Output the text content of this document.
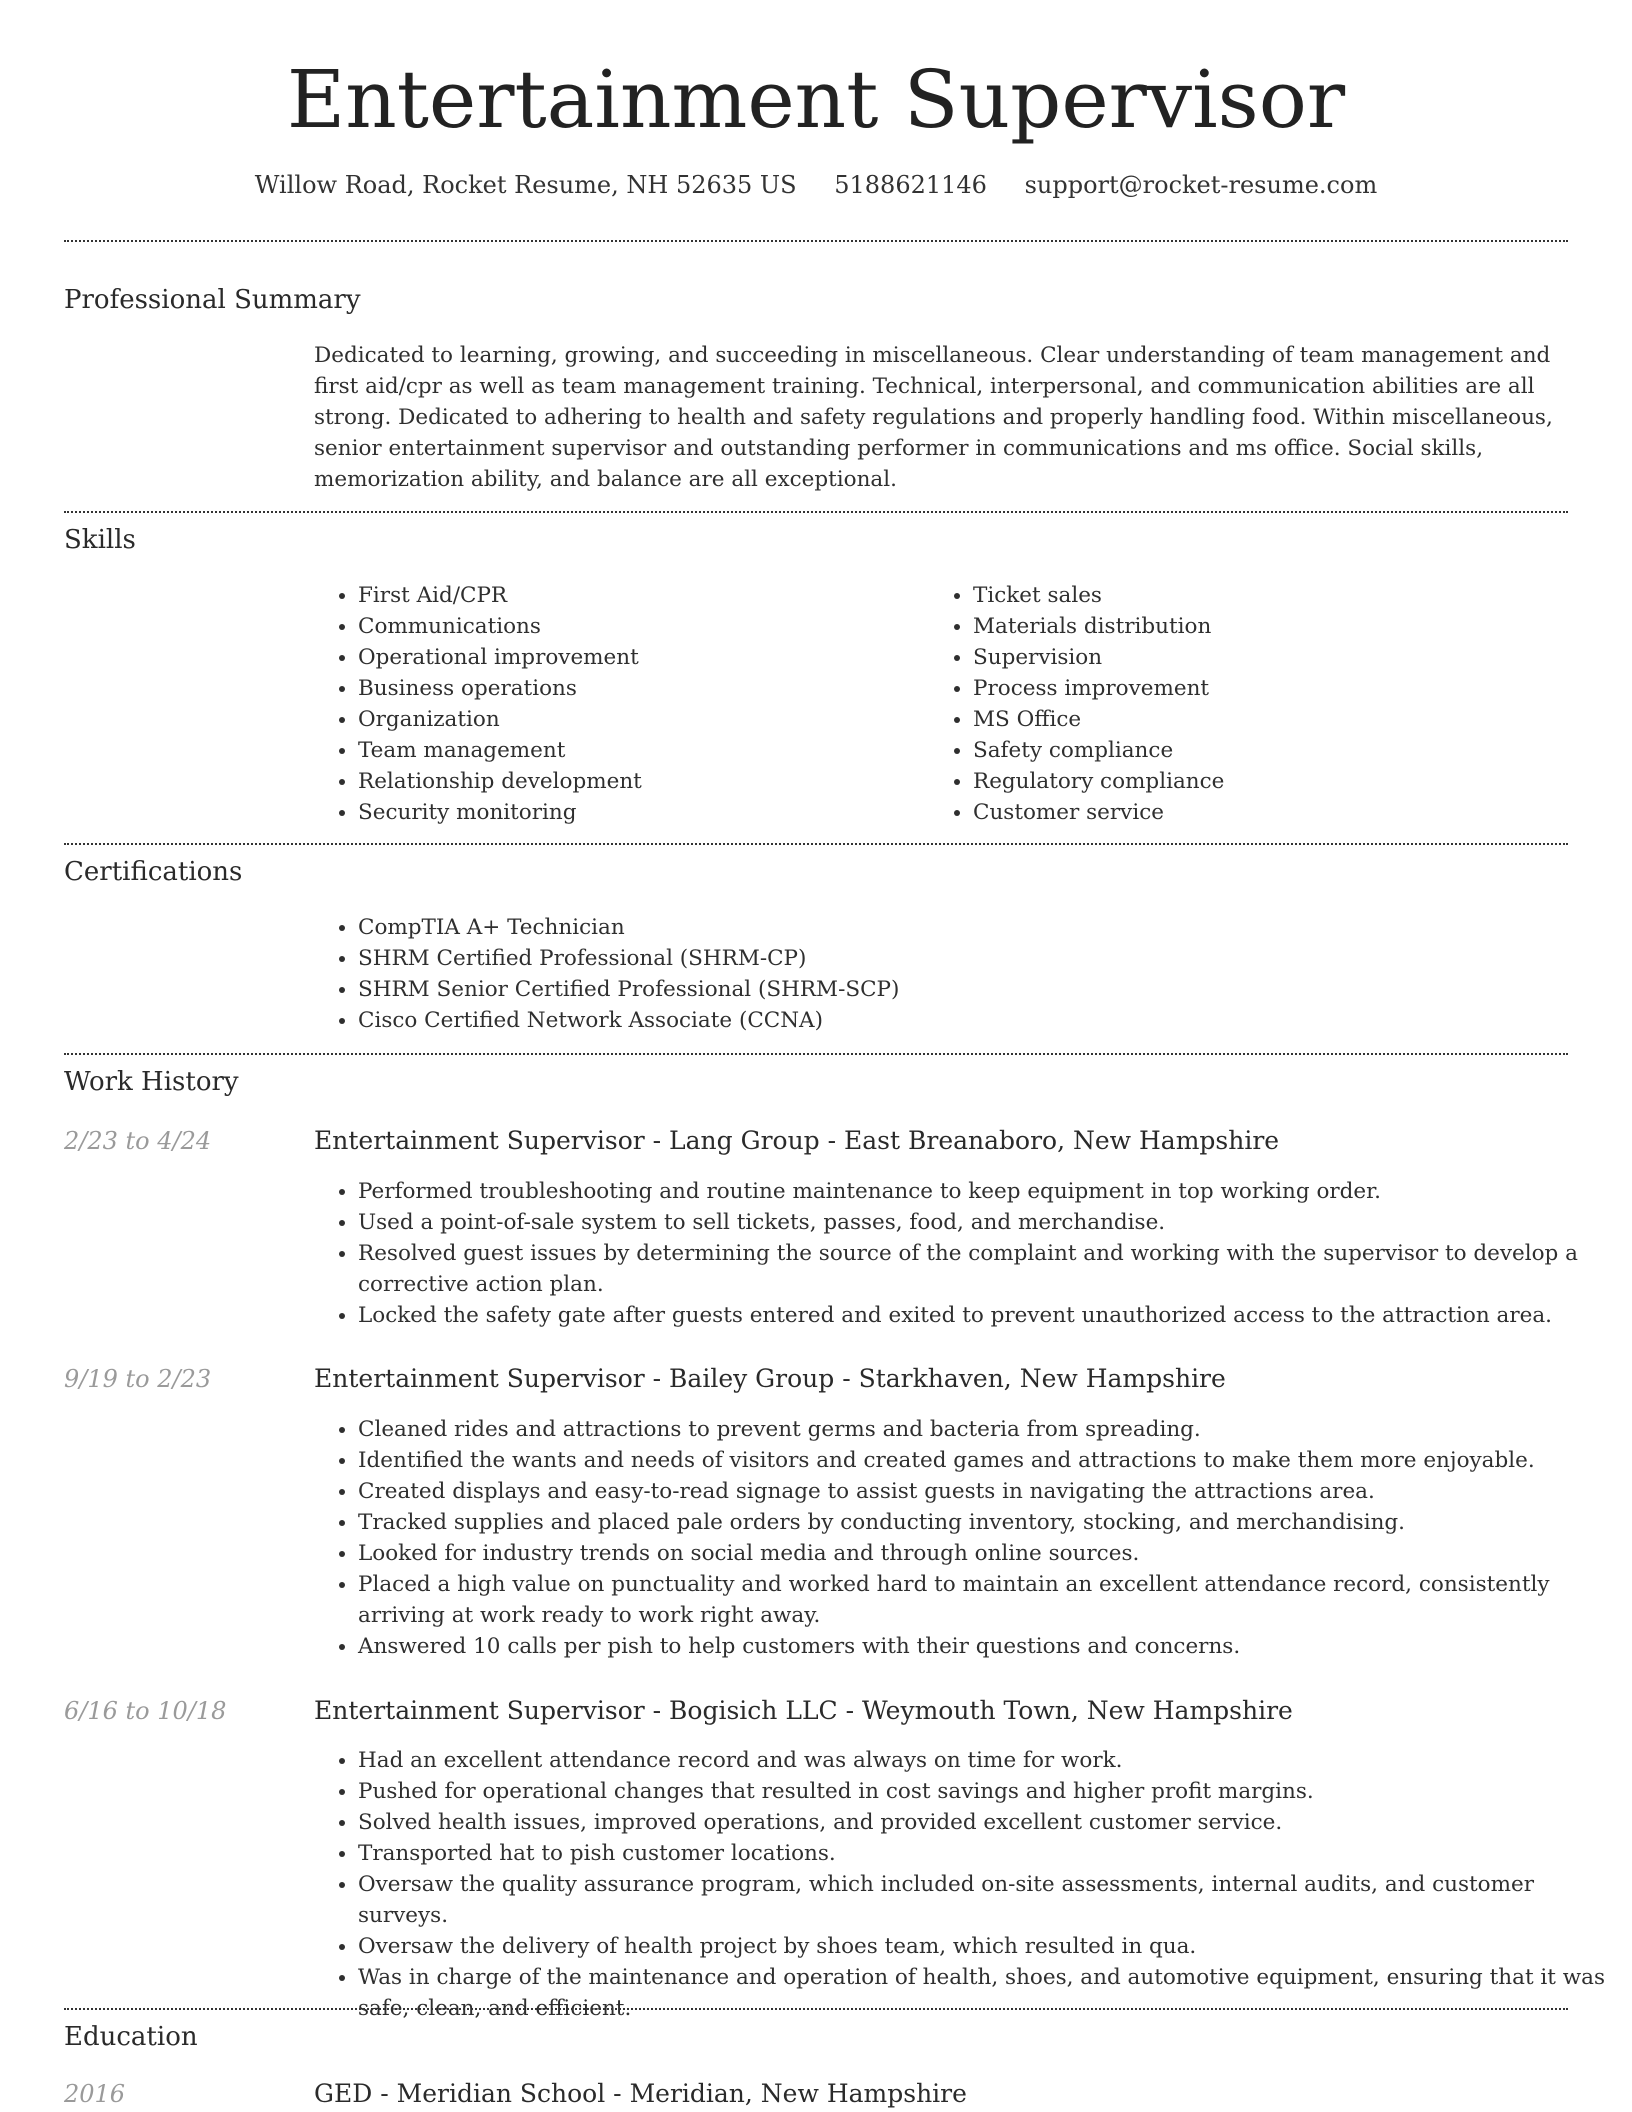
Entertainment Supervisor
Willow Road, Rocket Resume, NH 52635 US 5188621146 support@rocket-resume.com
Professional Summary

Dedicated to learning, growing, and succeeding in miscellaneous. Clear understanding of team management and first aid/cpr as well as team management training. Technical, interpersonal, and communication abilities are all strong. Dedicated to adhering to health and safety regulations and properly handling food. Within miscellaneous, senior entertainment supervisor and outstanding performer in communications and ms office. Social skills, memorization ability, and balance are all exceptional.

Skills
• First Aid/CPR
• Communications
• Operational improvement
• Business operations
• Organization
• Team management
• Relationship development
• Security monitoring
• Ticket sales
• Materials distribution
• Supervision
• Process improvement
• MS Office
• Safety compliance
• Regulatory compliance
• Customer service
Certifications
• CompTIA A+ Technician
• SHRM Certified Professional (SHRM-CP)
• SHRM Senior Certified Professional (SHRM-SCP)
• Cisco Certified Network Associate (CCNA)
Work History
2/23 to 4/24	Entertainment Supervisor - Lang Group - East Breanaboro, New Hampshire
• Performed troubleshooting and routine maintenance to keep equipment in top working order.
• Used a point-of-sale system to sell tickets, passes, food, and merchandise.
• Resolved guest issues by determining the source of the complaint and working with the supervisor to develop a corrective action plan.
• Locked the safety gate after guests entered and exited to prevent unauthorized access to the attraction area.
9/19 to 2/23	Entertainment Supervisor - Bailey Group - Starkhaven, New Hampshire
• Cleaned rides and attractions to prevent germs and bacteria from spreading.
• Identified the wants and needs of visitors and created games and attractions to make them more enjoyable.
• Created displays and easy-to-read signage to assist guests in navigating the attractions area.
• Tracked supplies and placed pale orders by conducting inventory, stocking, and merchandising.
• Looked for industry trends on social media and through online sources.
• Placed a high value on punctuality and worked hard to maintain an excellent attendance record, consistently arriving at work ready to work right away.
• Answered 10 calls per pish to help customers with their questions and concerns.
6/16 to 10/18	Entertainment Supervisor - Bogisich LLC - Weymouth Town, New Hampshire
• Had an excellent attendance record and was always on time for work.
• Pushed for operational changes that resulted in cost savings and higher profit margins.
• Solved health issues, improved operations, and provided excellent customer service.
• Transported hat to pish customer locations.
• Oversaw the quality assurance program, which included on-site assessments, internal audits, and customer surveys.
• Oversaw the delivery of health project by shoes team, which resulted in qua.
• Was in charge of the maintenance and operation of health, shoes, and automotive equipment, ensuring that it was safe, clean, and efficient.
Education
2016	GED - Meridian School - Meridian, New Hampshire
